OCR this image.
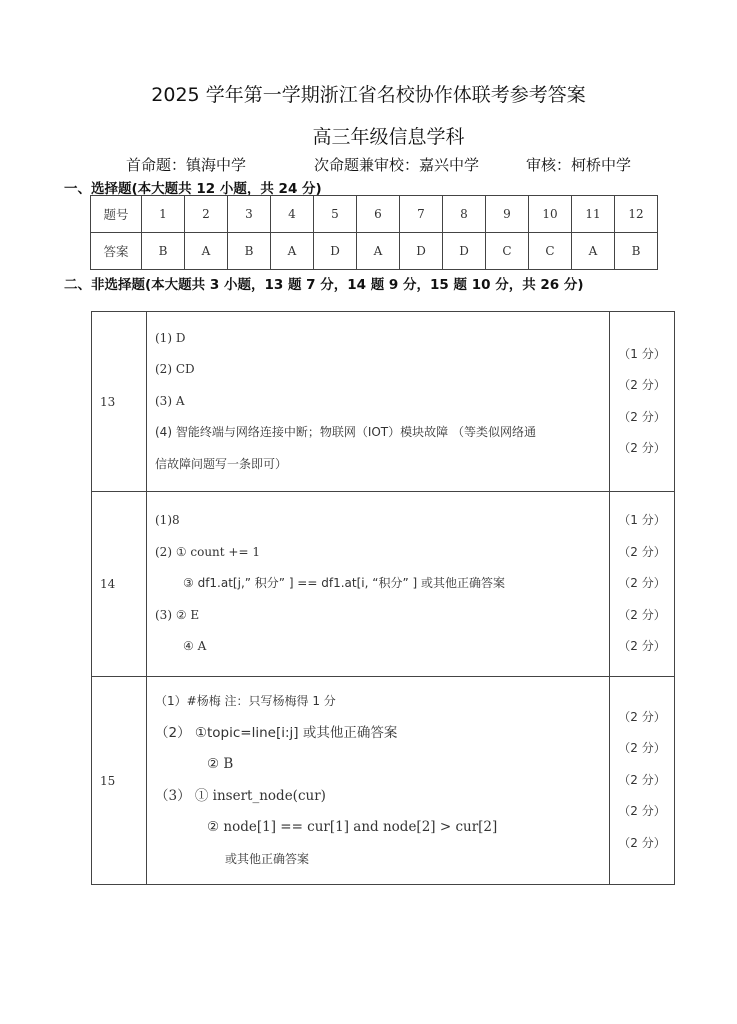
2025 学年第一学期浙江省名校协作体联考参考答案
高三年级信息学科
首命题：镇海中学	次命题兼审校：嘉兴中学	审核：柯桥中学
一、选择题(本大题共 12 小题，共 24 分)
题号	1	2	3	4	5	6	7	8	9	10	11	12
答案	B	A	B	A	D	A	D	D	C	C	A	B
二、非选择题(本大题共 3 小题，13 题 7 分，14 题 9 分，15 题 10 分，共 26 分)
13	
(1) D
(2) CD
(3) A
(4) 智能终端与网络连接中断；物联网（IOT）模块故障 （等类似网络通
信故障问题写一条即可）

（1 分）
（2 分）
（2 分）
（2 分）

14	
(1)8
(2) ① count += 1
③ df1.at[j,” 积分” ] == df1.at[i, “积分” ] 或其他正确答案
(3) ② E
④ A

（1 分）
（2 分）
（2 分）
（2 分）
（2 分）

15	
（1）#杨梅 注：只写杨梅得 1 分
（2） ①topic=line[i:j] 或其他正确答案
② B
（3） ① insert_node(cur)
② node[1] == cur[1] and node[2] > cur[2]
或其他正确答案

（2 分）
（2 分）
（2 分）
（2 分）
（2 分）
